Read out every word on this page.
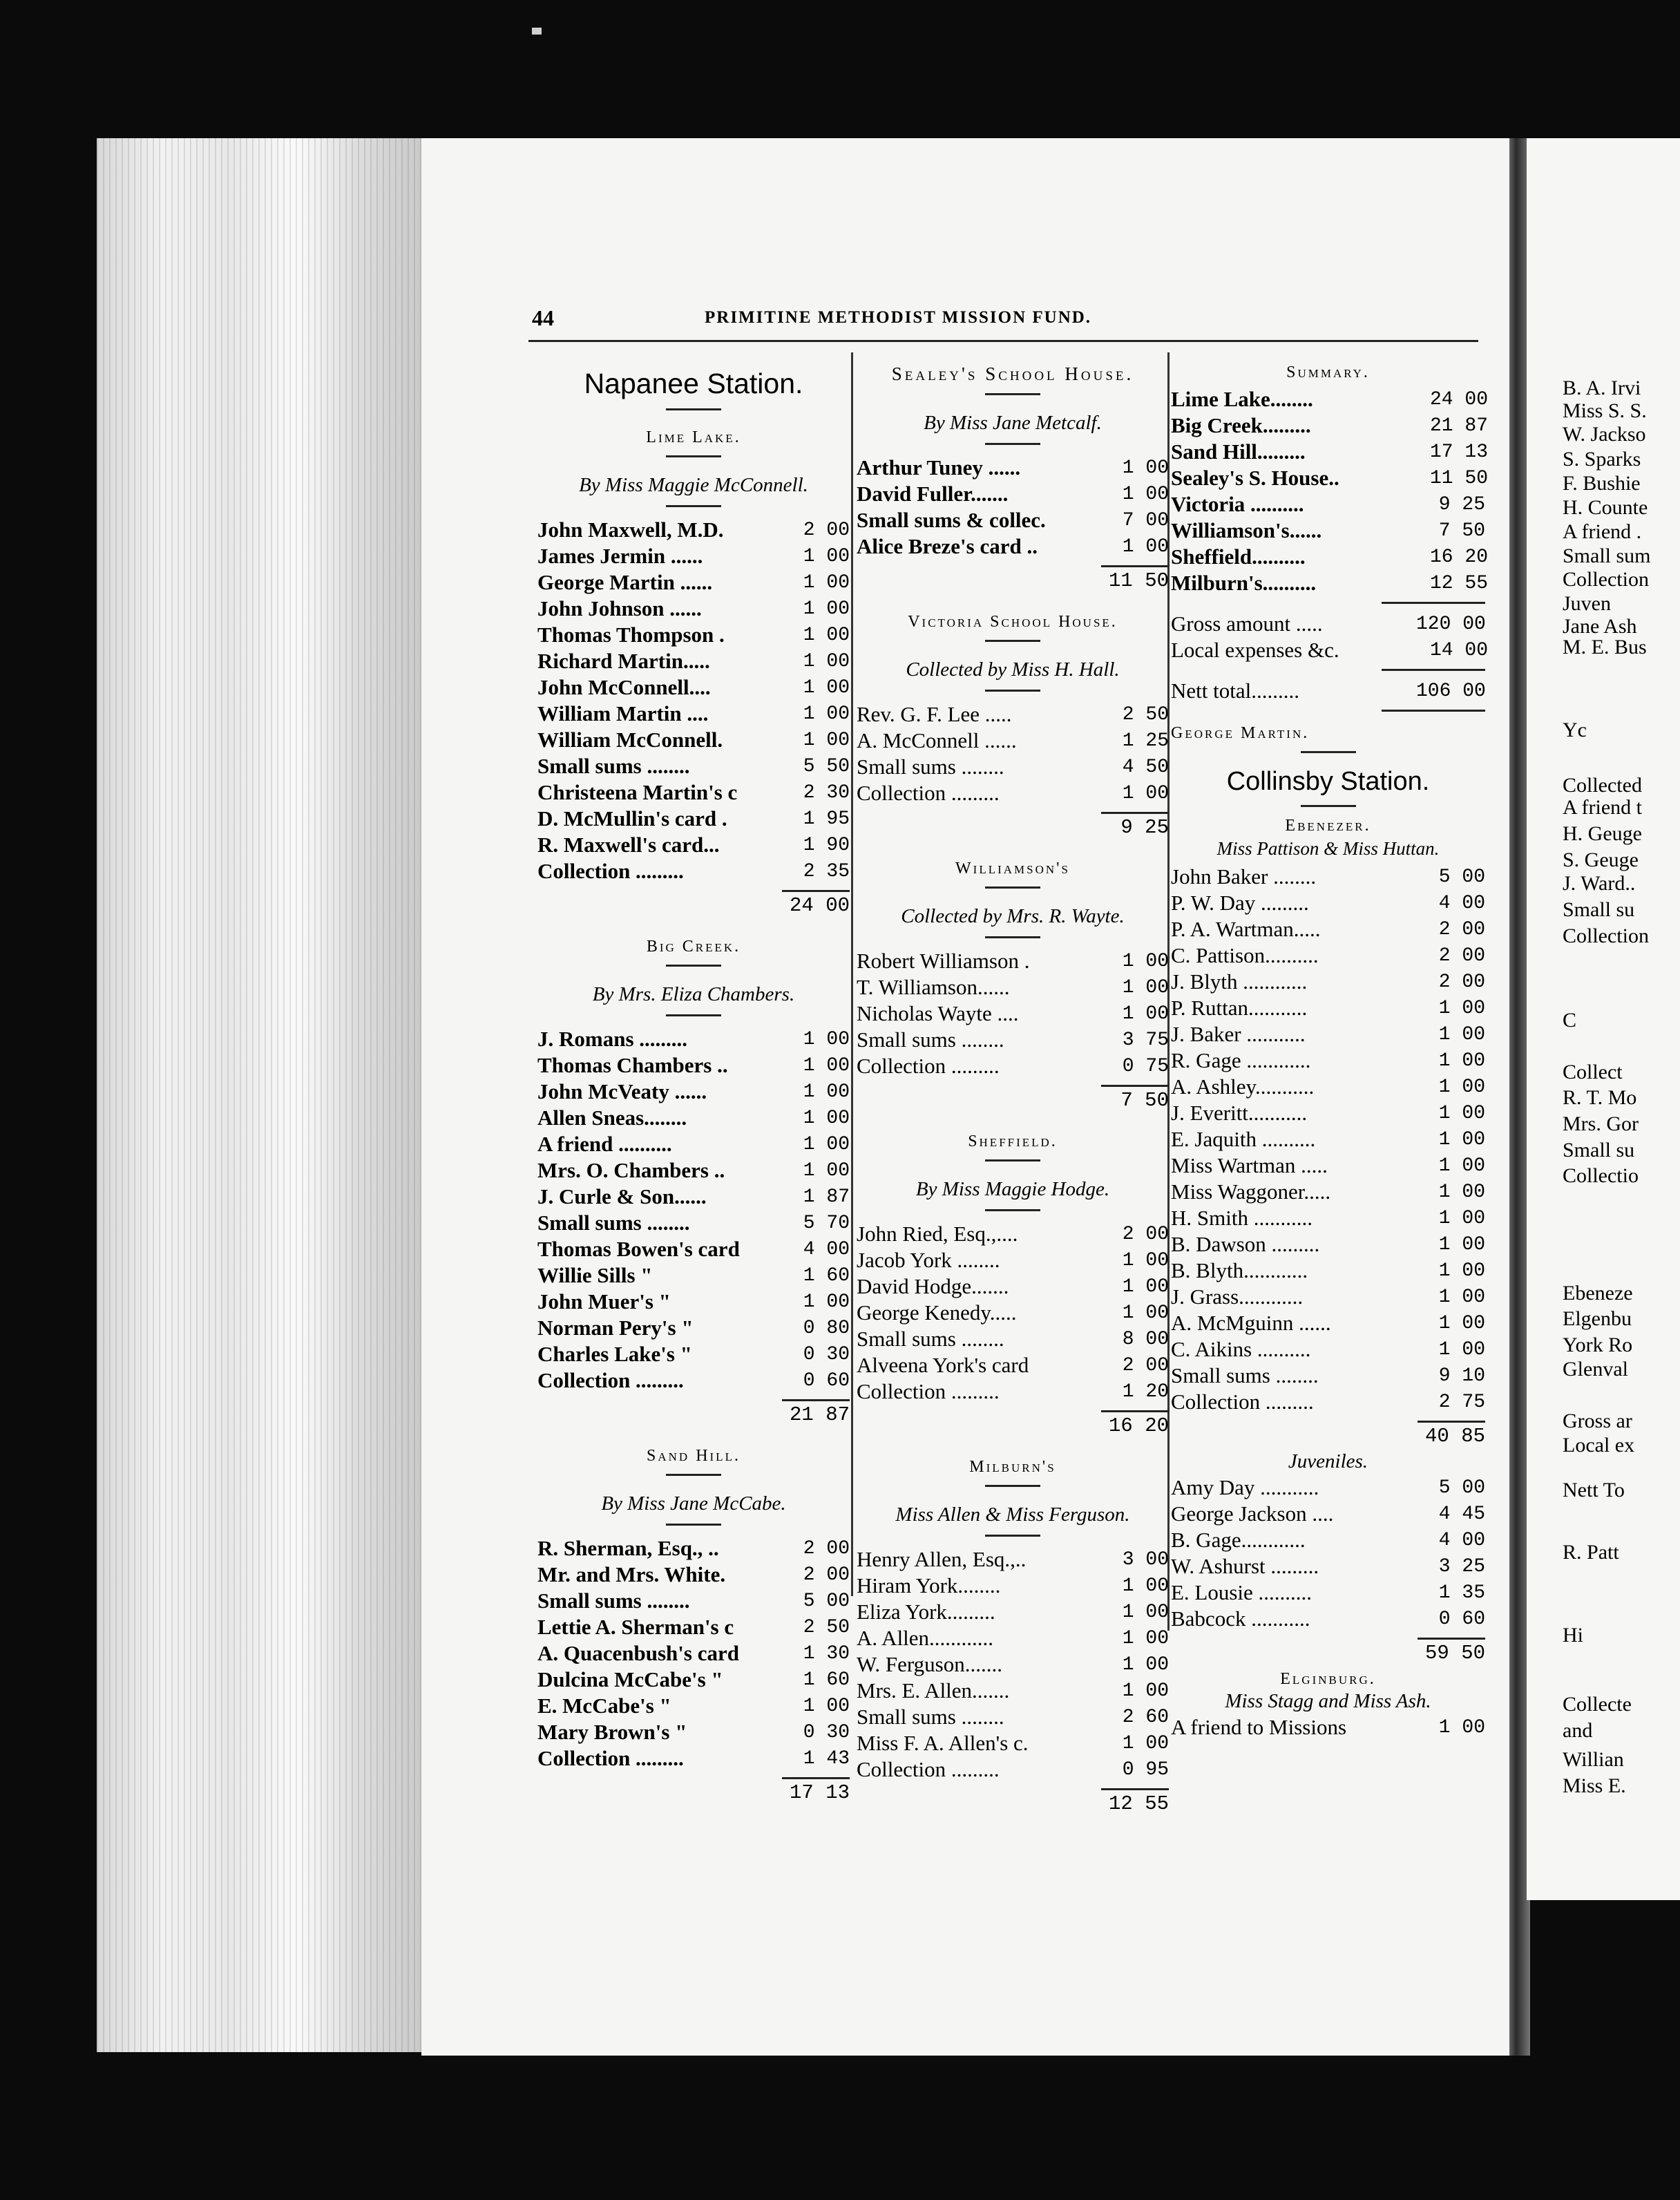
44	PRIMITINE METHODIST MISSION FUND.
Napanee Station.
Lime Lake.
By Miss Maggie McConnell.
John Maxwell, M.D.	2 00
James Jermin ......	1 00
George Martin ......	1 00
John Johnson ......	1 00
Thomas Thompson .	1 00
Richard Martin.....	1 00
John McConnell....	1 00
William Martin ....	1 00
William McConnell.	1 00
Small sums ........	5 50
Christeena Martin's c	2 30
D. McMullin's card .	1 95
R. Maxwell's card...	1 90
Collection .........	2 35
24 00
Big Creek.
By Mrs. Eliza Chambers.
J. Romans .........	1 00
Thomas Chambers ..	1 00
John McVeaty ......	1 00
Allen Sneas........	1 00
A friend ..........	1 00
Mrs. O. Chambers ..	1 00
J. Curle & Son......	1 87
Small sums ........	5 70
Thomas Bowen's card	4 00
Willie Sills "	1 60
John Muer's "	1 00
Norman Pery's "	0 80
Charles Lake's "	0 30
Collection .........	0 60
21 87
Sand Hill.
By Miss Jane McCabe.
R. Sherman, Esq., ..	2 00
Mr. and Mrs. White.	2 00
Small sums ........	5 00
Lettie A. Sherman's c	2 50
A. Quacenbush's card	1 30
Dulcina McCabe's "	1 60
E. McCabe's "	1 00
Mary Brown's "	0 30
Collection .........	1 43
17 13
Sealey's School House.
By Miss Jane Metcalf.
Arthur Tuney ......	1 00
David Fuller.......	1 00
Small sums & collec.	7 00
Alice Breze's card ..	1 00
11 50
Victoria School House.
Collected by Miss H. Hall.
Rev. G. F. Lee .....	2 50
A. McConnell ......	1 25
Small sums ........	4 50
Collection .........	1 00
9 25
Williamson's
Collected by Mrs. R. Wayte.
Robert Williamson .	1 00
T. Williamson......	1 00
Nicholas Wayte ....	1 00
Small sums ........	3 75
Collection .........	0 75
7 50
Sheffield.
By Miss Maggie Hodge.
John Ried, Esq.,....	2 00
Jacob York ........	1 00
David Hodge.......	1 00
George Kenedy.....	1 00
Small sums ........	8 00
Alveena York's card	2 00
Collection .........	1 20
16 20
Milburn's
Miss Allen & Miss Ferguson.
Henry Allen, Esq.,..	3 00
Hiram York........	1 00
Eliza York.........	1 00
A. Allen............	1 00
W. Ferguson.......	1 00
Mrs. E. Allen.......	1 00
Small sums ........	2 60
Miss F. A. Allen's c.	1 00
Collection .........	0 95
12 55
Summary.
Lime Lake........	24 00
Big Creek.........	21 87
Sand Hill.........	17 13
Sealey's S. House..	11 50
Victoria ..........	9 25
Williamson's......	7 50
Sheffield..........	16 20
Milburn's..........	12 55
Gross amount .....	120 00
Local expenses &c.	14 00
Nett total.........	106 00
George Martin.
Collinsby Station.
Ebenezer.
Miss Pattison & Miss Huttan.
John Baker ........	5 00
P. W. Day .........	4 00
P. A. Wartman.....	2 00
C. Pattison..........	2 00
J. Blyth ............	2 00
P. Ruttan...........	1 00
J. Baker ...........	1 00
R. Gage ............	1 00
A. Ashley...........	1 00
J. Everitt...........	1 00
E. Jaquith ..........	1 00
Miss Wartman .....	1 00
Miss Waggoner.....	1 00
H. Smith ...........	1 00
B. Dawson .........	1 00
B. Blyth............	1 00
J. Grass............	1 00
A. McMguinn ......	1 00
C. Aikins ..........	1 00
Small sums ........	9 10
Collection .........	2 75
40 85
Juveniles.
Amy Day ...........	5 00
George Jackson ....	4 45
B. Gage............	4 00
W. Ashurst .........	3 25
E. Lousie ..........	1 35
Babcock ...........	0 60
59 50
Elginburg.
Miss Stagg and Miss Ash.
A friend to Missions	1 00
B. A. Irvi
Miss S. S.
W. Jackso
S. Sparks
F. Bushie
H. Counte
A friend .
Small sum
Collection
Juven
Jane Ash
M. E. Bus
Yc
Collected
A friend t
H. Geuge
S. Geuge
J. Ward..
Small su
Collection
C
Collect
R. T. Mo
Mrs. Gor
Small su
Collectio
Ebeneze
Elgenbu
York Ro
Glenval
Gross ar
Local ex
Nett To
R. Patt
Hi
Collecte
and
Willian
Miss E.
